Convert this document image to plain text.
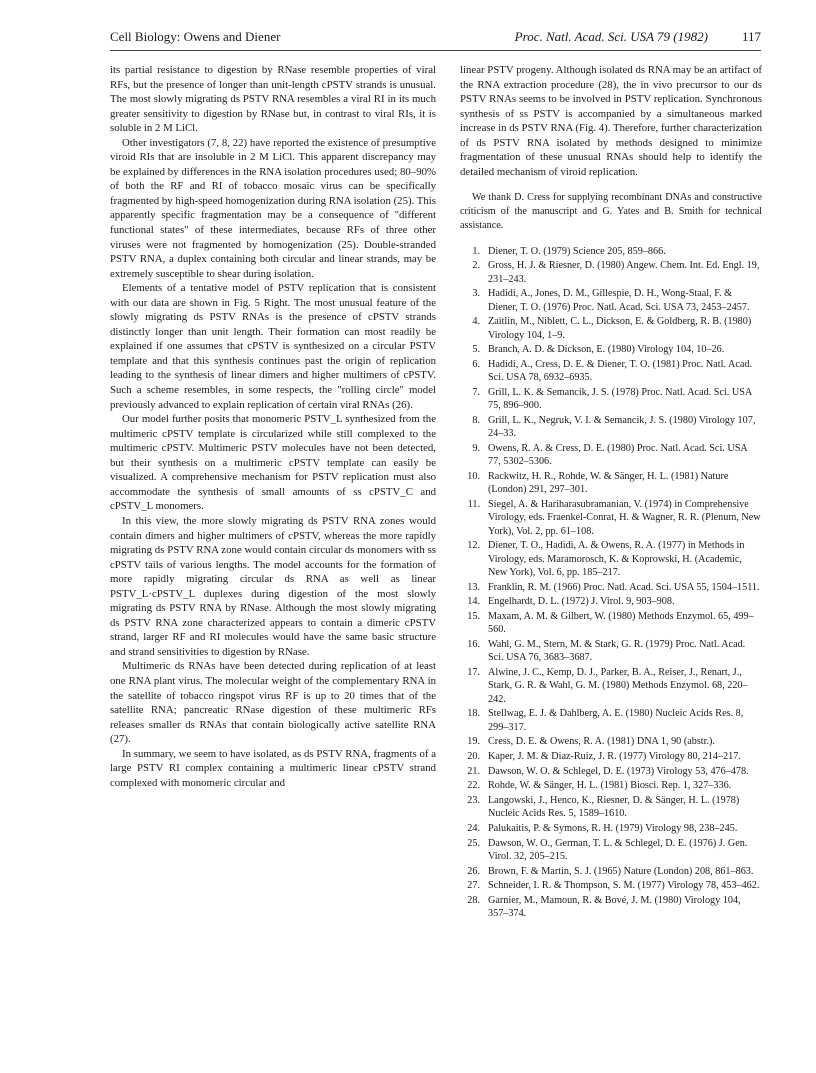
Cell Biology: Owens and Diener	Proc. Natl. Acad. Sci. USA 79 (1982)	117

its partial resistance to digestion by RNase resemble properties of viral RFs, but the presence of longer than unit-length cPSTV strands is unusual. The most slowly migrating ds PSTV RNA resembles a viral RI in its much greater sensitivity to digestion by RNase but, in contrast to viral RIs, it is soluble in 2 M LiCl.

Other investigators (7, 8, 22) have reported the existence of presumptive viroid RIs that are insoluble in 2 M LiCl. This apparent discrepancy may be explained by differences in the RNA isolation procedures used; 80–90% of both the RF and RI of tobacco mosaic virus can be specifically fragmented by high-speed homogenization during RNA isolation (25). This apparently specific fragmentation may be a consequence of "different functional states" of these intermediates, because RFs of three other viruses were not fragmented by homogenization (25). Double-stranded PSTV RNA, a duplex containing both circular and linear strands, may be extremely susceptible to shear during isolation.

Elements of a tentative model of PSTV replication that is consistent with our data are shown in Fig. 5 Right. The most unusual feature of the slowly migrating ds PSTV RNAs is the presence of cPSTV strands distinctly longer than unit length. Their formation can most readily be explained if one assumes that cPSTV is synthesized on a circular PSTV template and that this synthesis continues past the origin of replication leading to the synthesis of linear dimers and higher multimers of cPSTV. Such a scheme resembles, in some respects, the "rolling circle" model previously advanced to explain replication of certain viral RNAs (26).

Our model further posits that monomeric PSTV_L synthesized from the multimeric cPSTV template is circularized while still complexed to the multimeric cPSTV. Multimeric PSTV molecules have not been detected, but their synthesis on a multimeric cPSTV template can easily be visualized. A comprehensive mechanism for PSTV replication must also accommodate the synthesis of small amounts of ss cPSTV_C and cPSTV_L monomers.

In this view, the more slowly migrating ds PSTV RNA zones would contain dimers and higher multimers of cPSTV, whereas the more rapidly migrating ds PSTV RNA zone would contain circular ds monomers with ss cPSTV tails of various lengths. The model accounts for the formation of more rapidly migrating circular ds RNA as well as linear PSTV_L·cPSTV_L duplexes during digestion of the most slowly migrating ds PSTV RNA by RNase. Although the most slowly migrating ds PSTV RNA zone characterized appears to contain a dimeric cPSTV strand, larger RF and RI molecules would have the same basic structure and strand sensitivities to digestion by RNase.

Multimeric ds RNAs have been detected during replication of at least one RNA plant virus. The molecular weight of the complementary RNA in the satellite of tobacco ringspot virus RF is up to 20 times that of the satellite RNA; pancreatic RNase digestion of these multimeric RFs releases smaller ds RNAs that contain biologically active satellite RNA (27).

In summary, we seem to have isolated, as ds PSTV RNA, fragments of a large PSTV RI complex containing a multimeric linear cPSTV strand complexed with monomeric circular and

linear PSTV progeny. Although isolated ds RNA may be an artifact of the RNA extraction procedure (28), the in vivo precursor to our ds PSTV RNAs seems to be involved in PSTV replication. Synchronous synthesis of ss PSTV is accompanied by a simultaneous marked increase in ds PSTV RNA (Fig. 4). Therefore, further characterization of ds PSTV RNA isolated by methods designed to minimize fragmentation of these unusual RNAs should help to identify the detailed mechanism of viroid replication.

We thank D. Cress for supplying recombinant DNAs and constructive criticism of the manuscript and G. Yates and B. Smith for technical assistance.

1. Diener, T. O. (1979) Science 205, 859–866.
2. Gross, H. J. & Riesner, D. (1980) Angew. Chem. Int. Ed. Engl. 19, 231–243.
3. Hadidi, A., Jones, D. M., Gillespie, D. H., Wong-Staal, F. & Diener, T. O. (1976) Proc. Natl. Acad. Sci. USA 73, 2453–2457.
4. Zaitlin, M., Niblett, C. L., Dickson, E. & Goldberg, R. B. (1980) Virology 104, 1–9.
5. Branch, A. D. & Dickson, E. (1980) Virology 104, 10–26.
6. Hadidi, A., Cress, D. E. & Diener, T. O. (1981) Proc. Natl. Acad. Sci. USA 78, 6932–6935.
7. Grill, L. K. & Semancik, J. S. (1978) Proc. Natl. Acad. Sci. USA 75, 896–900.
8. Grill, L. K., Negruk, V. I. & Semancik, J. S. (1980) Virology 107, 24–33.
9. Owens, R. A. & Cress, D. E. (1980) Proc. Natl. Acad. Sci. USA 77, 5302–5306.
10. Rackwitz, H. R., Rohde, W. & Sänger, H. L. (1981) Nature (London) 291, 297–301.
11. Siegel, A. & Hariharasubramanian, V. (1974) in Comprehensive Virology, eds. Fraenkel-Conrat, H. & Wagner, R. R. (Plenum, New York), Vol. 2, pp. 61–108.
12. Diener, T. O., Hadidi, A. & Owens, R. A. (1977) in Methods in Virology, eds. Maramorosch, K. & Koprowski, H. (Academic, New York), Vol. 6, pp. 185–217.
13. Franklin, R. M. (1966) Proc. Natl. Acad. Sci. USA 55, 1504–1511.
14. Engelhardt, D. L. (1972) J. Virol. 9, 903–908.
15. Maxam, A. M. & Gilbert, W. (1980) Methods Enzymol. 65, 499–560.
16. Wahl, G. M., Stern, M. & Stark, G. R. (1979) Proc. Natl. Acad. Sci. USA 76, 3683–3687.
17. Alwine, J. C., Kemp, D. J., Parker, B. A., Reiser, J., Renart, J., Stark, G. R. & Wahl, G. M. (1980) Methods Enzymol. 68, 220–242.
18. Stellwag, E. J. & Dahlberg, A. E. (1980) Nucleic Acids Res. 8, 299–317.
19. Cress, D. E. & Owens, R. A. (1981) DNA 1, 90 (abstr.).
20. Kaper, J. M. & Diaz-Ruiz, J. R. (1977) Virology 80, 214–217.
21. Dawson, W. O. & Schlegel, D. E. (1973) Virology 53, 476–478.
22. Rohde, W. & Sänger, H. L. (1981) Biosci. Rep. 1, 327–336.
23. Langowski, J., Henco, K., Riesner, D. & Sänger, H. L. (1978) Nucleic Acids Res. 5, 1589–1610.
24. Palukaitis, P. & Symons, R. H. (1979) Virology 98, 238–245.
25. Dawson, W. O., German, T. L. & Schlegel, D. E. (1976) J. Gen. Virol. 32, 205–215.
26. Brown, F. & Martin, S. J. (1965) Nature (London) 208, 861–863.
27. Schneider, I. R. & Thompson, S. M. (1977) Virology 78, 453–462.
28. Garnier, M., Mamoun, R. & Bové, J. M. (1980) Virology 104, 357–374.
